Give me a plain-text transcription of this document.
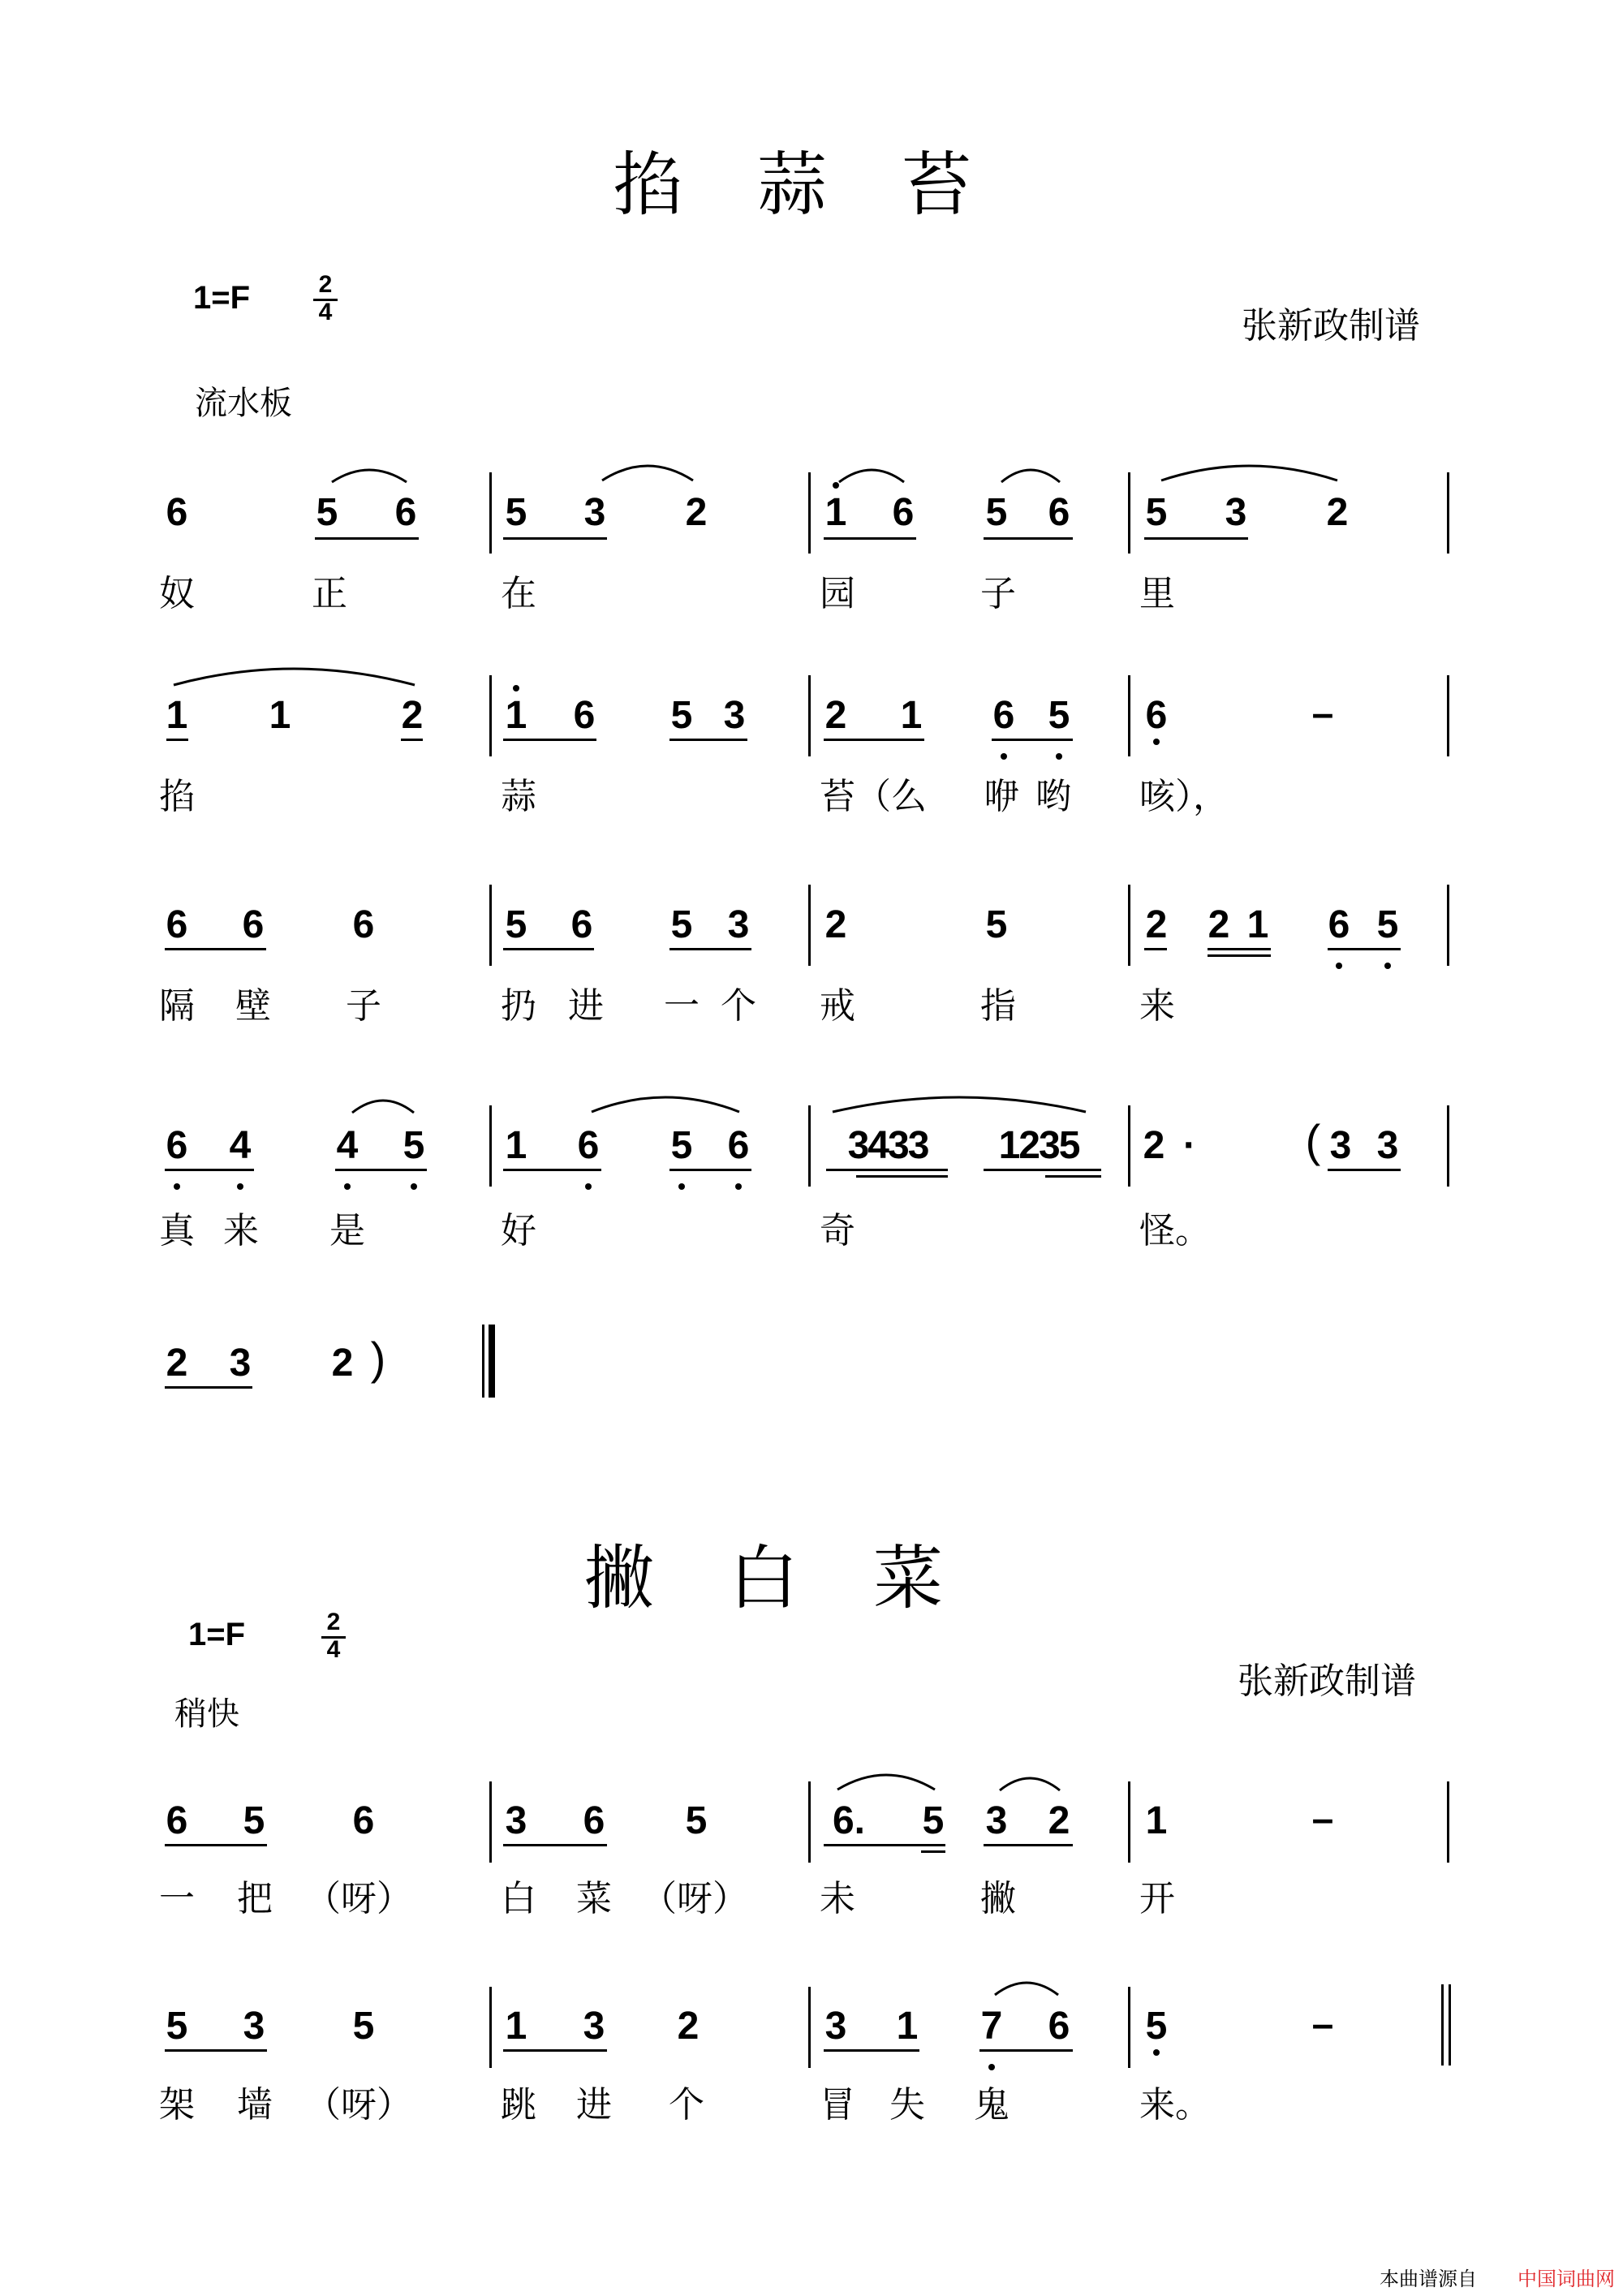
掐蒜苔
1=F	2
4	张新政制谱
流水板
6	5 6 5 3 2	1 6 5 6 5 3 2
奴	正	在	园	子	里
1 1	2 1 6 5 3 2 1 6 5 6	–
掐	蒜	苔（么 咿 哟 咳），
6 6 6	5 6 5 3 2	5	2 2 1 6 5
隔 壁 子	扔 进 一 个 戒	指	来
6 4 4 5 1 6 5 6	3433 1235 2 · ( 3 3
真 来 是	好	奇	怪。
2 3 2 )
撇白菜
1=F	2
4
张新政制谱
稍快
6 5 6	3 6 5	6. 5 3 2 1	–
一 把 （呀） 白 菜 （呀） 未	撇	开
5 3 5	1 3 2	3 1 7 6 5	–
架 墙 （呀） 跳 进 个	冒 失 鬼	来。
本曲谱源自 中国词曲网
